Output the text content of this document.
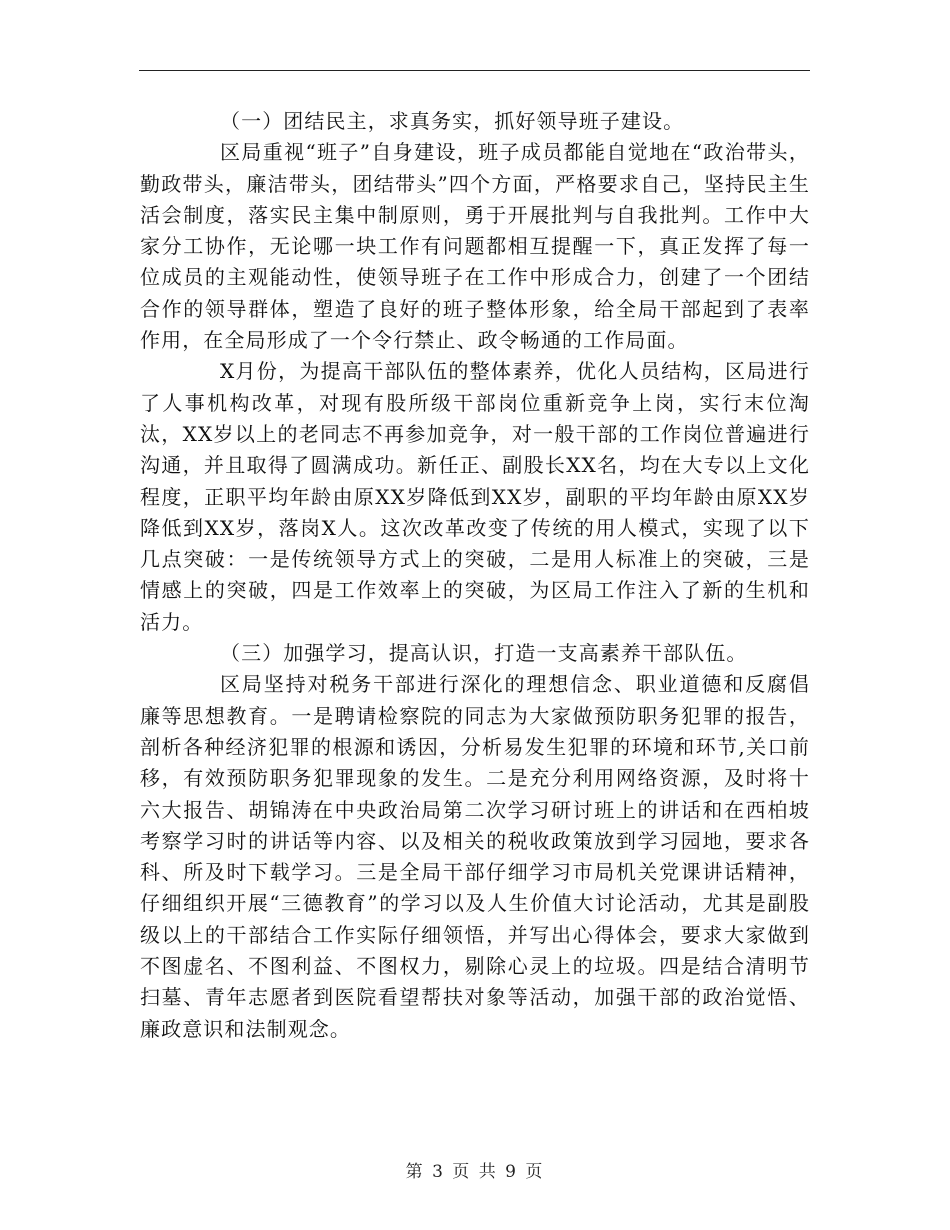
（一）团结民主，求真务实，抓好领导班子建设。

区局重视“班子”自身建设，班子成员都能自觉地在“政治带头，勤政带头，廉洁带头，团结带头”四个方面，严格要求自己，坚持民主生活会制度，落实民主集中制原则，勇于开展批判与自我批判。工作中大家分工协作，无论哪一块工作有问题都相互提醒一下，真正发挥了每一位成员的主观能动性，使领导班子在工作中形成合力，创建了一个团结合作的领导群体，塑造了良好的班子整体形象，给全局干部起到了表率作用，在全局形成了一个令行禁止、政令畅通的工作局面。

X月份，为提高干部队伍的整体素养，优化人员结构，区局进行了人事机构改革，对现有股所级干部岗位重新竞争上岗，实行末位淘汰，XX岁以上的老同志不再参加竞争，对一般干部的工作岗位普遍进行沟通，并且取得了圆满成功。新任正、副股长XX名，均在大专以上文化程度，正职平均年龄由原XX岁降低到XX岁，副职的平均年龄由原XX岁降低到XX岁，落岗X人。这次改革改变了传统的用人模式，实现了以下几点突破：一是传统领导方式上的突破，二是用人标准上的突破，三是情感上的突破，四是工作效率上的突破，为区局工作注入了新的生机和活力。

（三）加强学习，提高认识，打造一支高素养干部队伍。

区局坚持对税务干部进行深化的理想信念、职业道德和反腐倡廉等思想教育。一是聘请检察院的同志为大家做预防职务犯罪的报告，剖析各种经济犯罪的根源和诱因，分析易发生犯罪的环境和环节,关口前移，有效预防职务犯罪现象的发生。二是充分利用网络资源，及时将十六大报告、胡锦涛在中央政治局第二次学习研讨班上的讲话和在西柏坡考察学习时的讲话等内容、以及相关的税收政策放到学习园地，要求各科、所及时下载学习。三是全局干部仔细学习市局机关党课讲话精神，仔细组织开展“三德教育”的学习以及人生价值大讨论活动，尤其是副股级以上的干部结合工作实际仔细领悟，并写出心得体会，要求大家做到不图虚名、不图利益、不图权力，剔除心灵上的垃圾。四是结合清明节扫墓、青年志愿者到医院看望帮扶对象等活动，加强干部的政治觉悟、廉政意识和法制观念。

第 3 页 共 9 页
